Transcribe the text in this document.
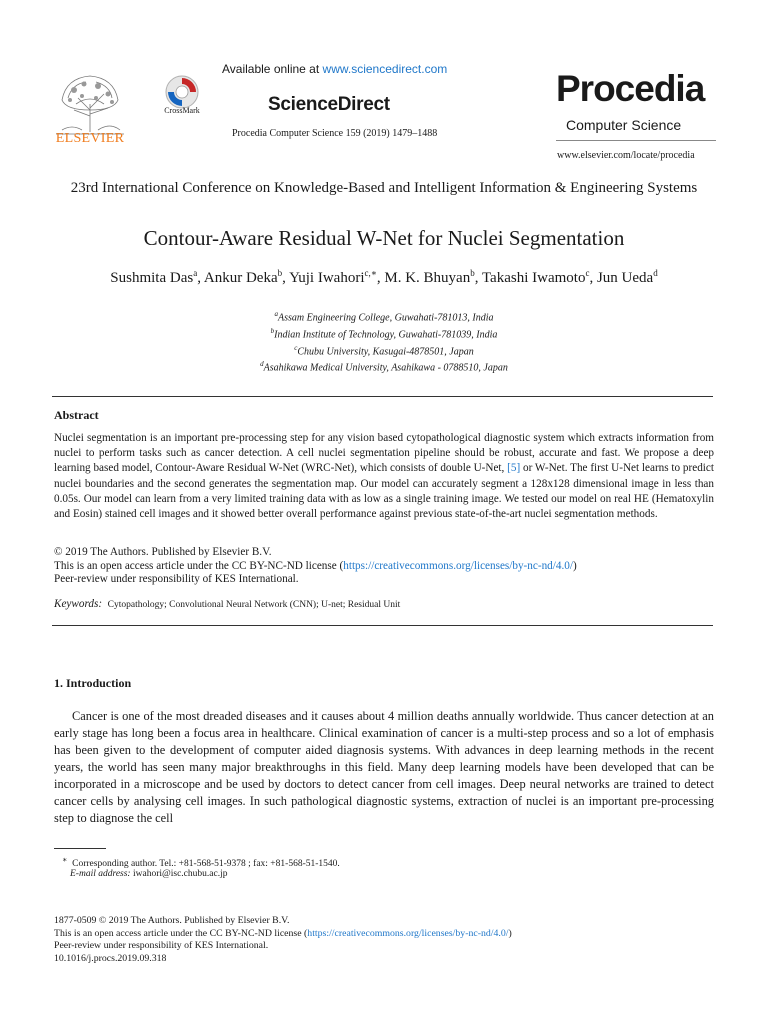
ELSEVIER
CrossMark
Available online at www.sciencedirect.com
ScienceDirect
Procedia Computer Science 159 (2019) 1479–1488
Procedia
Computer Science
www.elsevier.com/locate/procedia
23rd International Conference on Knowledge-Based and Intelligent Information & Engineering Systems
Contour-Aware Residual W-Net for Nuclei Segmentation
Sushmita Das$^a$, Ankur Deka$^b$, Yuji Iwahori$^{c,∗}$, M. K. Bhuyan$^b$, Takashi Iwamoto$^c$, Jun Ueda$^d$
$^a$Assam Engineering College, Guwahati-781013, India
$^b$Indian Institute of Technology, Guwahati-781039, India
$^c$Chubu University, Kasugai-4878501, Japan
$^d$Asahikawa Medical University, Asahikawa - 0788510, Japan
Abstract
Nuclei segmentation is an important pre-processing step for any vision based cytopathological diagnostic system which extracts information from nuclei to perform tasks such as cancer detection. A cell nuclei segmentation pipeline should be robust, accurate and fast. We propose a deep learning based model, Contour-Aware Residual W-Net (WRC-Net), which consists of double U-Net, [5] or W-Net. The first U-Net learns to predict nuclei boundaries and the second generates the segmentation map. Our model can accurately segment a 128x128 dimensional image in less than 0.05s. Our model can learn from a very limited training data with as low as a single training image. We tested our model on real HE (Hematoxylin and Eosin) stained cell images and it showed better overall performance against previous state-of-the-art nuclei segmentation methods.
© 2019 The Authors. Published by Elsevier B.V.
This is an open access article under the CC BY-NC-ND license (https://creativecommons.org/licenses/by-nc-nd/4.0/)
Peer-review under responsibility of KES International.
Keywords: Cytopathology; Convolutional Neural Network (CNN); U-net; Residual Unit
1. Introduction
Cancer is one of the most dreaded diseases and it causes about 4 million deaths annually worldwide. Thus cancer detection at an early stage has long been a focus area in healthcare. Clinical examination of cancer is a multi-step process and so a lot of emphasis has been given to the development of computer aided diagnosis systems. With advances in deep learning methods in the recent years, the world has seen many major breakthroughs in this field. Many deep learning models have been developed that can be incorporated in a microscope and be used by doctors to detect cancer from cell images. Deep neural networks are trained to detect cancer cells by analysing cell images. In such pathological diagnostic systems, extraction of nuclei is an important pre-processing step to diagnose the cell
∗ Corresponding author. Tel.: +81-568-51-9378 ; fax: +81-568-51-1540.
E-mail address: iwahori@isc.chubu.ac.jp
1877-0509 © 2019 The Authors. Published by Elsevier B.V.
This is an open access article under the CC BY-NC-ND license (https://creativecommons.org/licenses/by-nc-nd/4.0/)
Peer-review under responsibility of KES International.
10.1016/j.procs.2019.09.318
